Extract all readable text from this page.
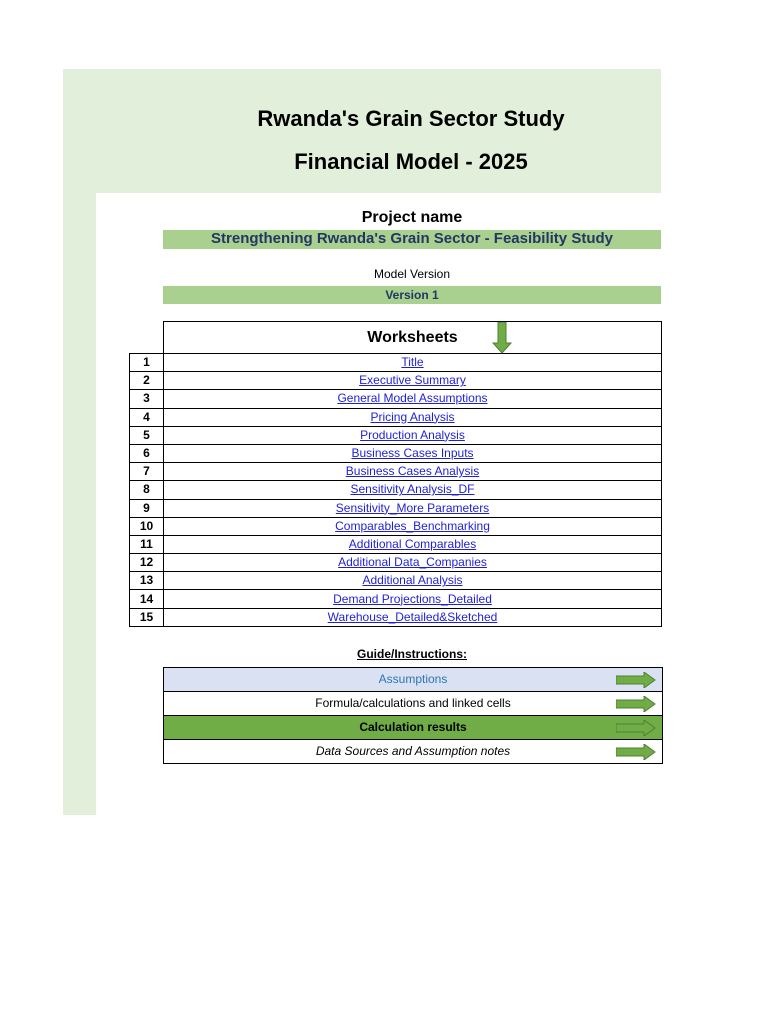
Rwanda's Grain Sector Study
Financial Model - 2025
Project name
Strengthening Rwanda's Grain Sector - Feasibility Study
Model Version
Version 1
	Worksheets

1	Title
2	Executive Summary
3	General Model Assumptions
4	Pricing Analysis
5	Production Analysis
6	Business Cases Inputs
7	Business Cases Analysis
8	Sensitivity Analysis_DF
9	Sensitivity_More Parameters
10	Comparables_Benchmarking
11	Additional Comparables
12	Additional Data_Companies
13	Additional Analysis
14	Demand Projections_Detailed
15	Warehouse_Detailed&Sketched
Guide/Instructions:
Assumptions
Formula/calculations and linked cells
Calculation results
Data Sources and Assumption notes
